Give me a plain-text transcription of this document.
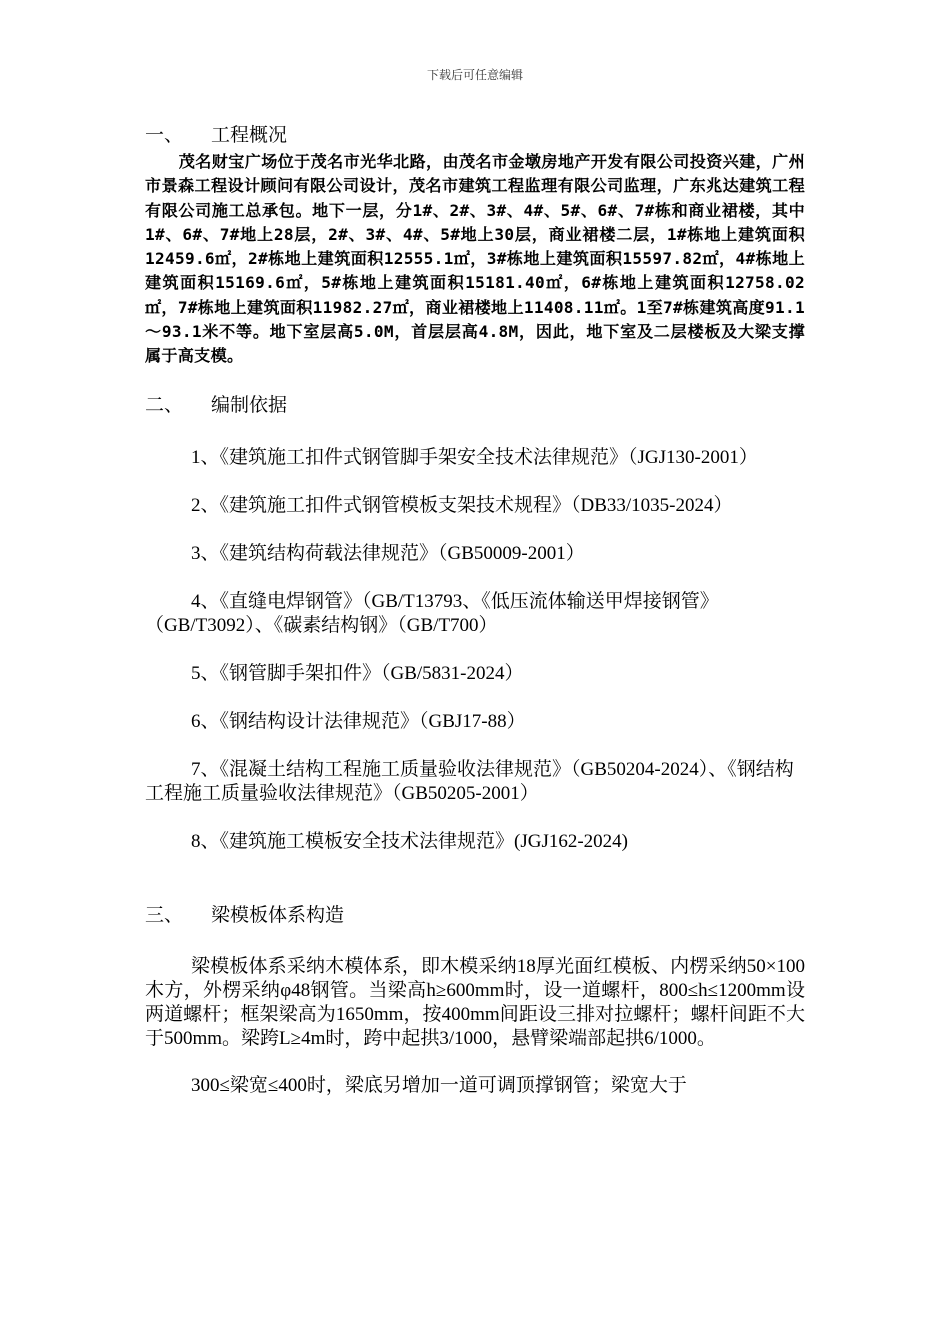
下载后可任意编辑
一、 工程概况

茂名财宝广场位于茂名市光华北路，由茂名市金墩房地产开发有限公司投资兴建，广州市景森工程设计顾问有限公司设计，茂名市建筑工程监理有限公司监理，广东兆达建筑工程有限公司施工总承包。地下一层，分1#、2#、3#、4#、5#、6#、7#栋和商业裙楼，其中1#、6#、7#地上28层，2#、3#、4#、5#地上30层，商业裙楼二层，1#栋地上建筑面积12459.6㎡，2#栋地上建筑面积12555.1㎡，3#栋地上建筑面积15597.82㎡，4#栋地上建筑面积15169.6㎡，5#栋地上建筑面积15181.40㎡，6#栋地上建筑面积12758.02㎡，7#栋地上建筑面积11982.27㎡，商业裙楼地上11408.11㎡。1至7#栋建筑高度91.1～93.1米不等。地下室层高5.0M，首层层高4.8M，因此，地下室及二层楼板及大梁支撑属于高支模。

二、 编制依据

1、《建筑施工扣件式钢管脚手架安全技术法律规范》（JGJ130-2001）

2、《建筑施工扣件式钢管模板支架技术规程》（DB33/1035-2024）

3、《建筑结构荷载法律规范》（GB50009-2001）

4、《直缝电焊钢管》（GB/T13793、《低压流体输送甲焊接钢管》（GB/T3092）、《碳素结构钢》（GB/T700）

5、《钢管脚手架扣件》（GB/5831-2024）

6、《钢结构设计法律规范》（GBJ17-88）

7、《混凝土结构工程施工质量验收法律规范》（GB50204-2024）、《钢结构工程施工质量验收法律规范》（GB50205-2001）

8、《建筑施工模板安全技术法律规范》(JGJ162-2024)

三、 梁模板体系构造

梁模板体系采纳木模体系，即木模采纳18厚光面红模板、内楞采纳50×100木方，外楞采纳φ48钢管。当梁高h≥600mm时，设一道螺杆，800≤h≤1200mm设两道螺杆；框架梁高为1650mm，按400mm间距设三排对拉螺杆；螺杆间距不大于500mm。梁跨L≥4m时，跨中起拱3/1000，悬臂梁端部起拱6/1000。

300≤梁宽≤400时，梁底另增加一道可调顶撑钢管；梁宽大于
